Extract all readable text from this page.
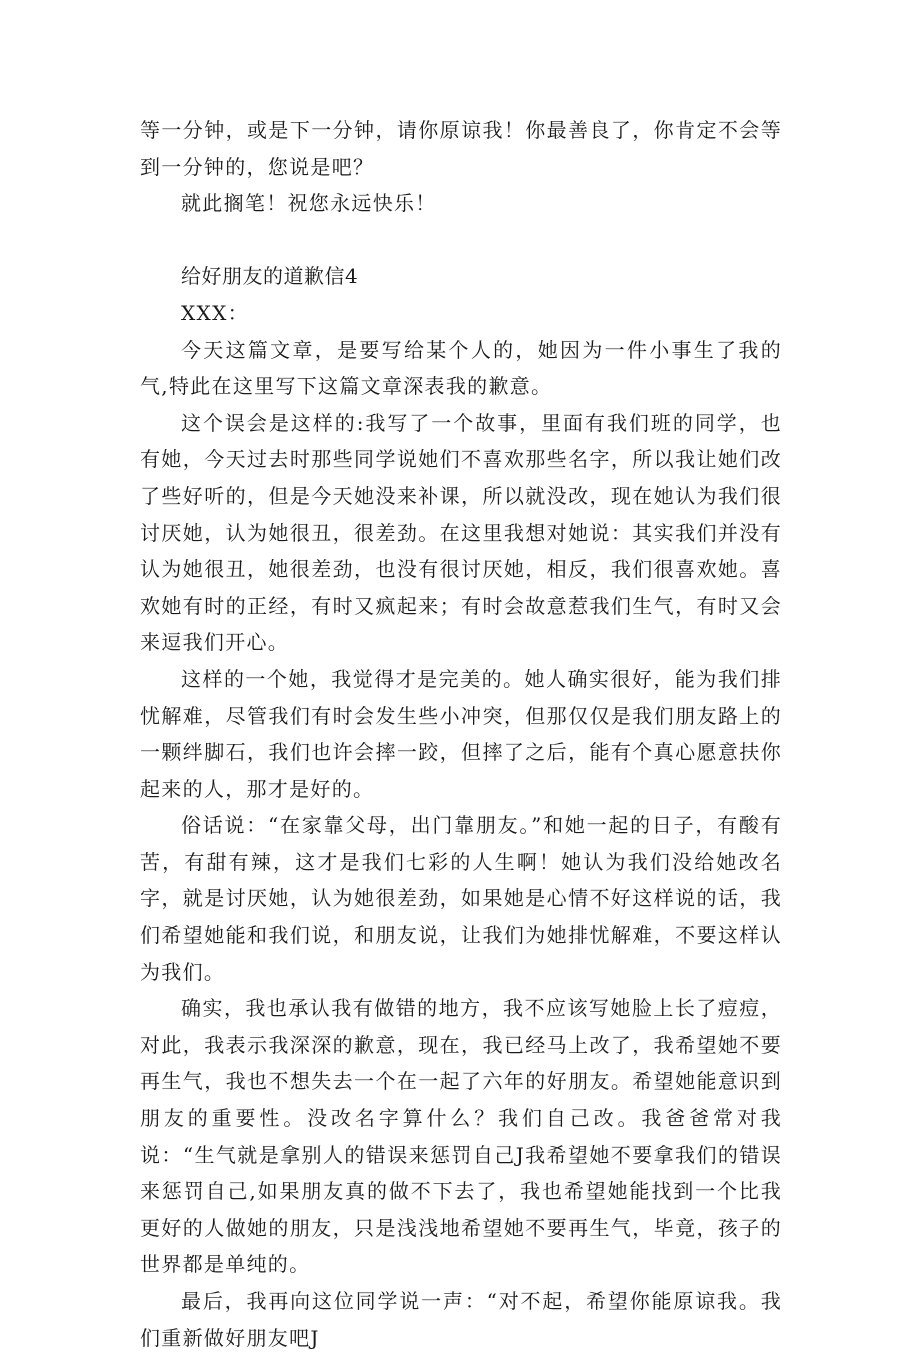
等一分钟，或是下一分钟，请你原谅我！你最善良了，你肯定不会等到一分钟的，您说是吧？

就此搁笔！祝您永远快乐！

给好朋友的道歉信4

XXX：

今天这篇文章，是要写给某个人的，她因为一件小事生了我的气,特此在这里写下这篇文章深表我的歉意。

这个误会是这样的:我写了一个故事，里面有我们班的同学，也有她，今天过去时那些同学说她们不喜欢那些名字，所以我让她们改了些好听的，但是今天她没来补课，所以就没改，现在她认为我们很讨厌她，认为她很丑，很差劲。在这里我想对她说：其实我们并没有认为她很丑，她很差劲，也没有很讨厌她，相反，我们很喜欢她。喜欢她有时的正经，有时又疯起来；有时会故意惹我们生气，有时又会来逗我们开心。

这样的一个她，我觉得才是完美的。她人确实很好，能为我们排忧解难，尽管我们有时会发生些小冲突，但那仅仅是我们朋友路上的一颗绊脚石，我们也许会摔一跤，但摔了之后，能有个真心愿意扶你起来的人，那才是好的。

俗话说：“在家靠父母，出门靠朋友。”和她一起的日子，有酸有苦，有甜有辣，这才是我们七彩的人生啊！她认为我们没给她改名字，就是讨厌她，认为她很差劲，如果她是心情不好这样说的话，我们希望她能和我们说，和朋友说，让我们为她排忧解难，不要这样认为我们。

确实，我也承认我有做错的地方，我不应该写她脸上长了痘痘，对此，我表示我深深的歉意，现在，我已经马上改了，我希望她不要再生气，我也不想失去一个在一起了六年的好朋友。希望她能意识到朋友的重要性。没改名字算什么？我们自己改。我爸爸常对我说：“生气就是拿别人的错误来惩罚自己J我希望她不要拿我们的错误来惩罚自己,如果朋友真的做不下去了，我也希望她能找到一个比我更好的人做她的朋友，只是浅浅地希望她不要再生气，毕竟，孩子的世界都是单纯的。

最后，我再向这位同学说一声：“对不起，希望你能原谅我。我们重新做好朋友吧J
